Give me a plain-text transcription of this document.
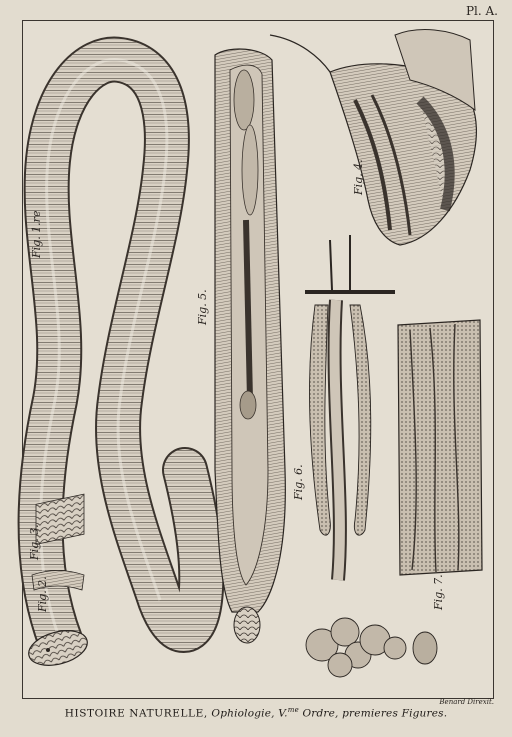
Pl. A.
Fig. 1.re
Fig. 2.
Fig. 3.
Fig. 4.
Fig. 5.
Fig. 6.
Fig. 7.
Benard Direxit.
HISTOIRE NATURELLE, Ophiologie, V.$^{me}$ Ordre, premieres Figures.
